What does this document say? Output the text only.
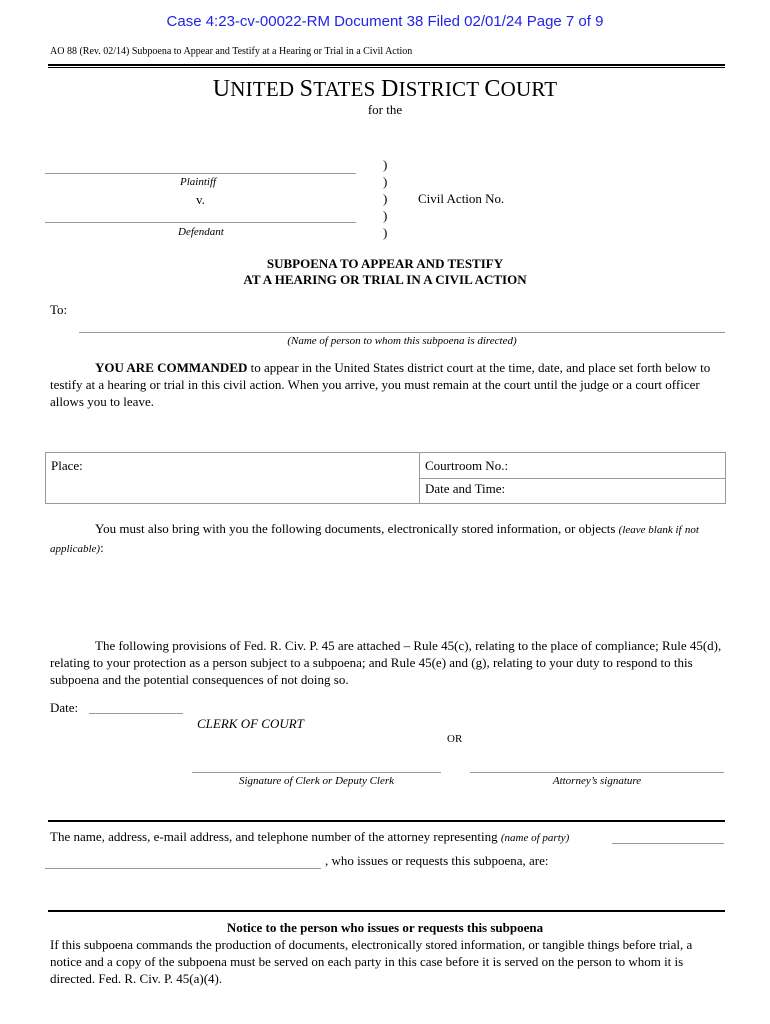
Case 4:23-cv-00022-RM Document 38 Filed 02/01/24 Page 7 of 9
AO 88 (Rev. 02/14) Subpoena to Appear and Testify at a Hearing or Trial in a Civil Action
UNITED STATES DISTRICT COURT
for the
Plaintiff
v.
Defendant
)
)
)
)
)
Civil Action No.
SUBPOENA TO APPEAR AND TESTIFY
AT A HEARING OR TRIAL IN A CIVIL ACTION
To:
(Name of person to whom this subpoena is directed)
YOU ARE COMMANDED to appear in the United States district court at the time, date, and place set forth below to testify at a hearing or trial in this civil action. When you arrive, you must remain at the court until the judge or a court officer allows you to leave.
Place:	Courtroom No.:
Date and Time:
You must also bring with you the following documents, electronically stored information, or objects (leave blank if not applicable):
The following provisions of Fed. R. Civ. P. 45 are attached – Rule 45(c), relating to the place of compliance; Rule 45(d), relating to your protection as a person subject to a subpoena; and Rule 45(e) and (g), relating to your duty to respond to this subpoena and the potential consequences of not doing so.
Date:
CLERK OF COURT
OR
Signature of Clerk or Deputy Clerk	Attorney’s signature
The name, address, e-mail address, and telephone number of the attorney representing (name of party)
, who issues or requests this subpoena, are:
Notice to the person who issues or requests this subpoena
If this subpoena commands the production of documents, electronically stored information, or tangible things before trial, a notice and a copy of the subpoena must be served on each party in this case before it is served on the person to whom it is directed. Fed. R. Civ. P. 45(a)(4).
